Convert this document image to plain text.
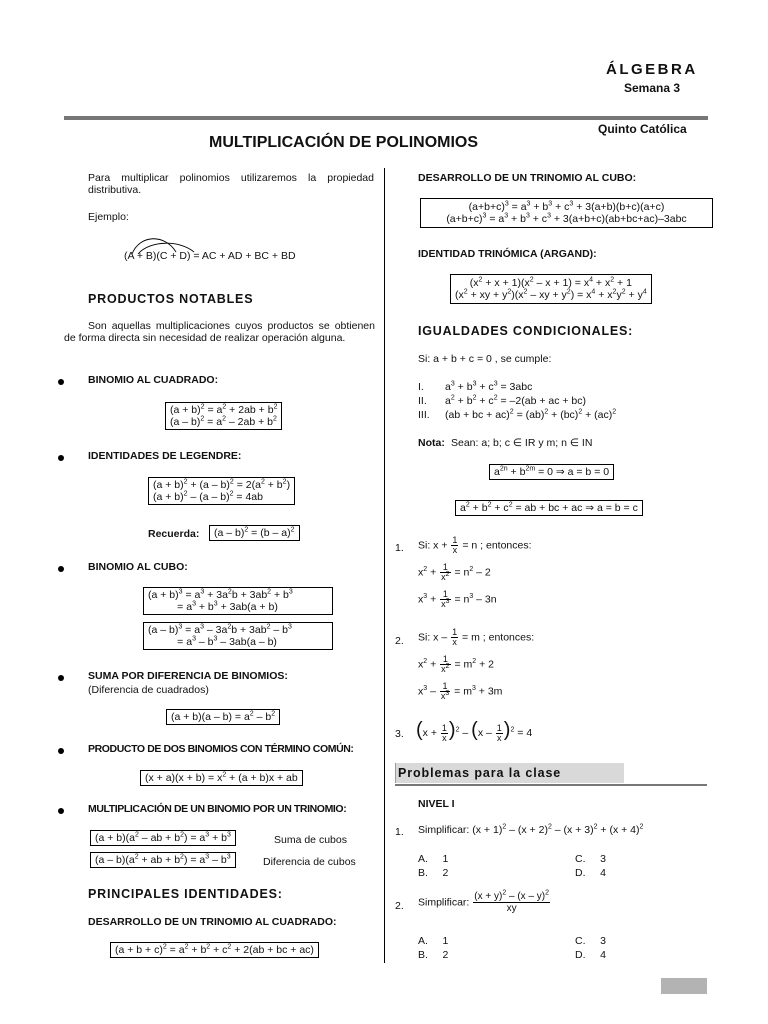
ÁLGEBRA
Semana 3
Quinto Católica
MULTIPLICACIÓN DE POLINOMIOS
Para multiplicar polinomios utilizaremos la propiedad distributiva.
Ejemplo:
(A + B)(C + D) = AC + AD + BC + BD
PRODUCTOS NOTABLES
Son aquellas multiplicaciones cuyos productos se obtienen de forma directa sin necesidad de realizar operación alguna.
BINOMIO AL CUADRADO:
$(a + b)^2 = a^2 + 2ab + b^2$
$(a - b)^2 = a^2 - 2ab + b^2$
IDENTIDADES DE LEGENDRE:
$(a + b)^2 + (a - b)^2 = 2(a^2 + b^2)$
$(a + b)^2 - (a - b)^2 = 4ab$
Recuerda:	(a – b)$^2$ = (b – a)$^2$
BINOMIO AL CUBO:
$(a + b)^3 = a^3 + 3a^2b + 3ab^2 + b^3$
= $a^3 + b^3 + 3ab(a + b)$
$(a - b)^3 = a^3 - 3a^2b + 3ab^2 - b^3$
= $a^3 - b^3 - 3ab(a - b)$
SUMA POR DIFERENCIA DE BINOMIOS:
(Diferencia de cuadrados)
$(a + b)(a - b) = a^2 - b^2$
PRODUCTO DE DOS BINOMIOS CON TÉRMINO COMÚN:
$(x + a)(x + b) = x^2 + (a + b)x$ + ab
MULTIPLICACIÓN DE UN BINOMIO POR UN TRINOMIO:
$(a + b)(a^2$ – ab + $b^2) = a^3 + b^3$	Suma de cubos
$(a - b)(a^2$ + ab + $b^2) = a^3 - b^3$	Diferencia de cubos
PRINCIPALES IDENTIDADES:
DESARROLLO DE UN TRINOMIO AL CUADRADO:
$(a + b + c)^2 = a^2 + b^2 + c^2 + 2(ab$ + bc + ac)
DESARROLLO DE UN TRINOMIO AL CUBO:
$(a+b+c)^3 = a^3 + b^3 + c^3 + 3(a+b)(b+c)(a+c)$
$(a+b+c)^3 = a^3 + b^3 + c^3 + 3(a+b+c)(ab+bc+ac)-3abc$
IDENTIDAD TRINÓMICA (ARGAND):
$(x^2 + x + 1)(x^2 - x + 1) = x^4 + x^2 + 1$
($x^2$ + xy + $y^2)(x^2$ – xy + $y^2) = x^4 + x^2y^2 + y^4$
IGUALDADES CONDICIONALES:
Si: a + b + c = 0 , se cumple:
I. $a^3 + b^3 + c^3 = 3abc$
II. $a^2 + b^2 + c^2 = -2(ab$ + ac + bc)
III. (ab + bc + ac)$^2$ = (ab)$^2$ + (bc)$^2$ + (ac)$^2$
Nota: Sean: a; b; c ∈ IR y m; n ∈ IN
$a^{2n} + b^{2m} = 0$ ⇒ a = b = 0
$a^2 + b^2 + c^2$ = ab + bc + ac ⇒ a = b = c
1. Si: $x + \frac{1}{x} = n$ ; entonces:
$x^2 + \frac{1}{x^2} = n^2 - 2$
$x^3 + \frac{1}{x^3} = n^3 - 3n$
2. Si: $x - \frac{1}{x} = m$ ; entonces:
$x^2 + \frac{1}{x^2} = m^2 + 2$
$x^3 - \frac{1}{x^3} = m^3 + 3m$
3. $(x + \frac{1}{x} )^2 - (x - \frac{1}{x} )^2 = 4$
Problemas para la clase
NIVEL I
1. Simplificar: $(x + 1)^2 - (x + 2)^2 - (x + 3)^2 + (x + 4)^2$
A. 1
B. 2
C. 3
D. 4
2. Simplificar: $\frac{(x + y)^2 - (x - y)^2}{xy}$
A. 1
B. 2
C. 3
D. 4
